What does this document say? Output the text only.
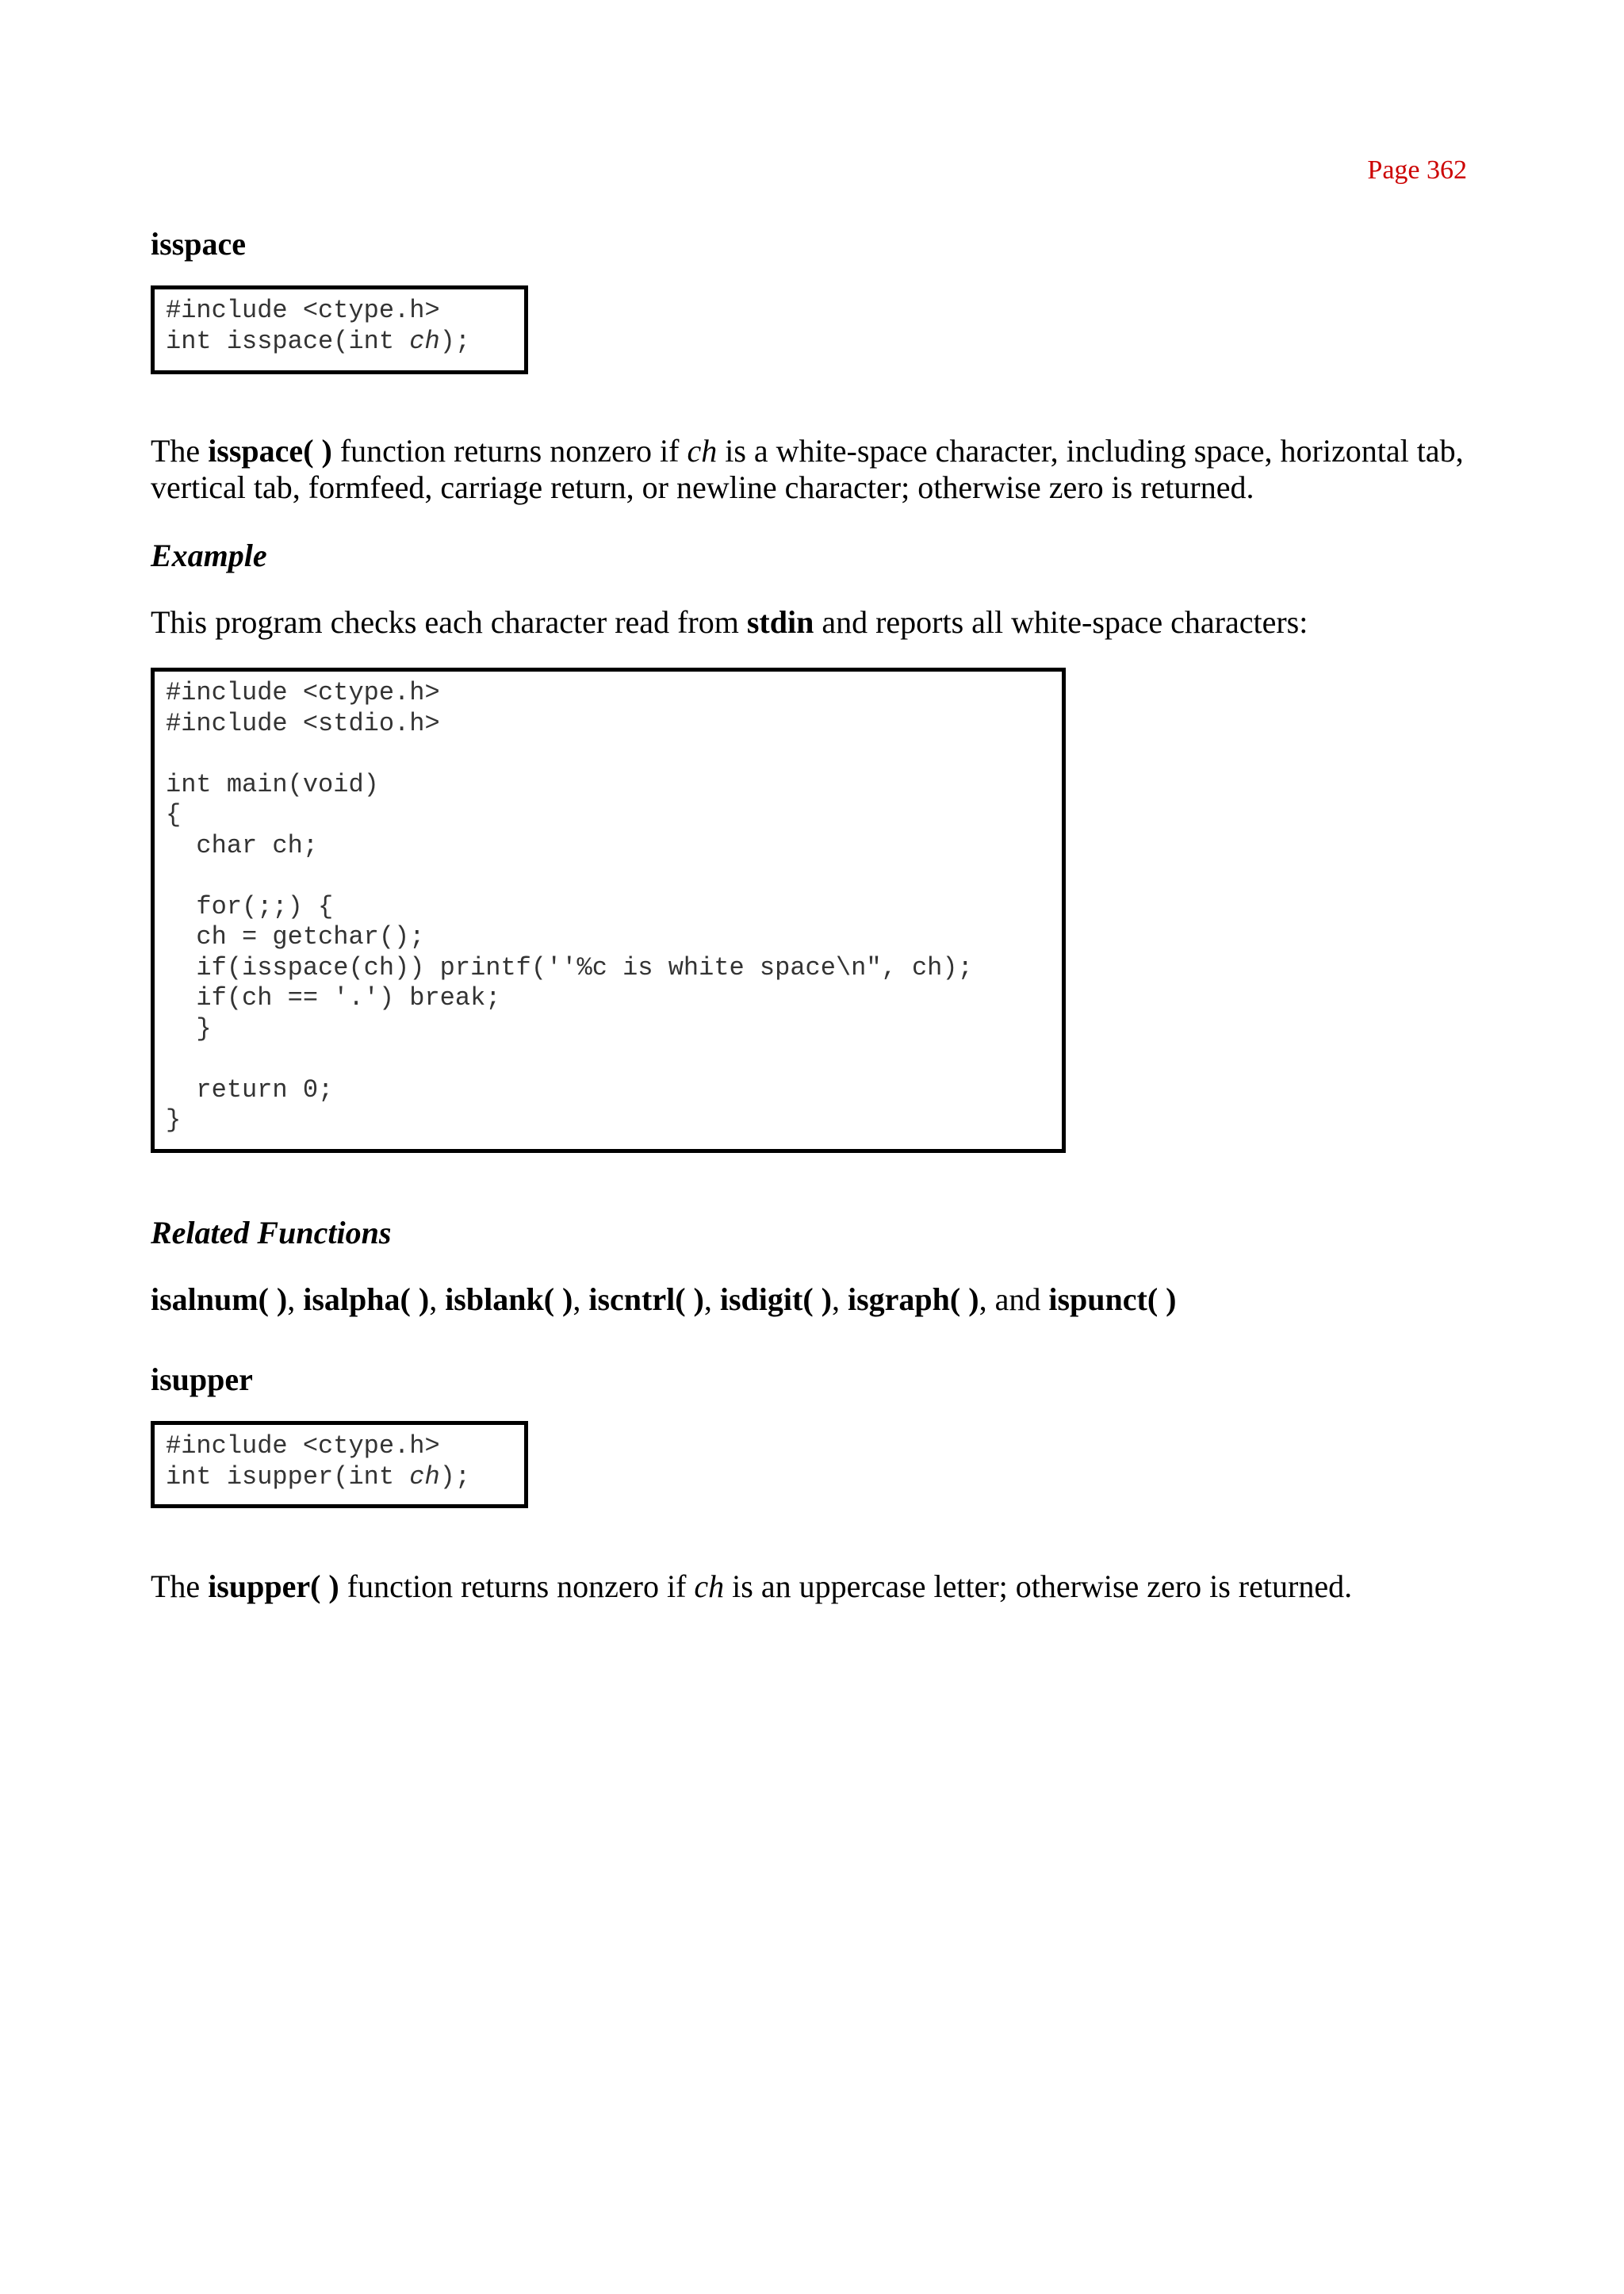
Page 362
isspace
#include <ctype.h>
int isspace(int ch);
The isspace( ) function returns nonzero if ch is a white-space character, including space, horizontal tab, vertical tab, formfeed, carriage return, or newline character; otherwise zero is returned.
Example
This program checks each character read from stdin and reports all white-space characters:
#include <ctype.h>
#include <stdio.h>
int main(void)
{
char ch;
for(;;) {
ch = getchar();
if(isspace(ch)) printf(''%c is white space\n", ch);
if(ch == '.') break;
}
return 0;
}
Related Functions
isalnum( ), isalpha( ), isblank( ), iscntrl( ), isdigit( ), isgraph( ), and ispunct( )
isupper
#include <ctype.h>
int isupper(int ch);
The isupper( ) function returns nonzero if ch is an uppercase letter; otherwise zero is returned.
